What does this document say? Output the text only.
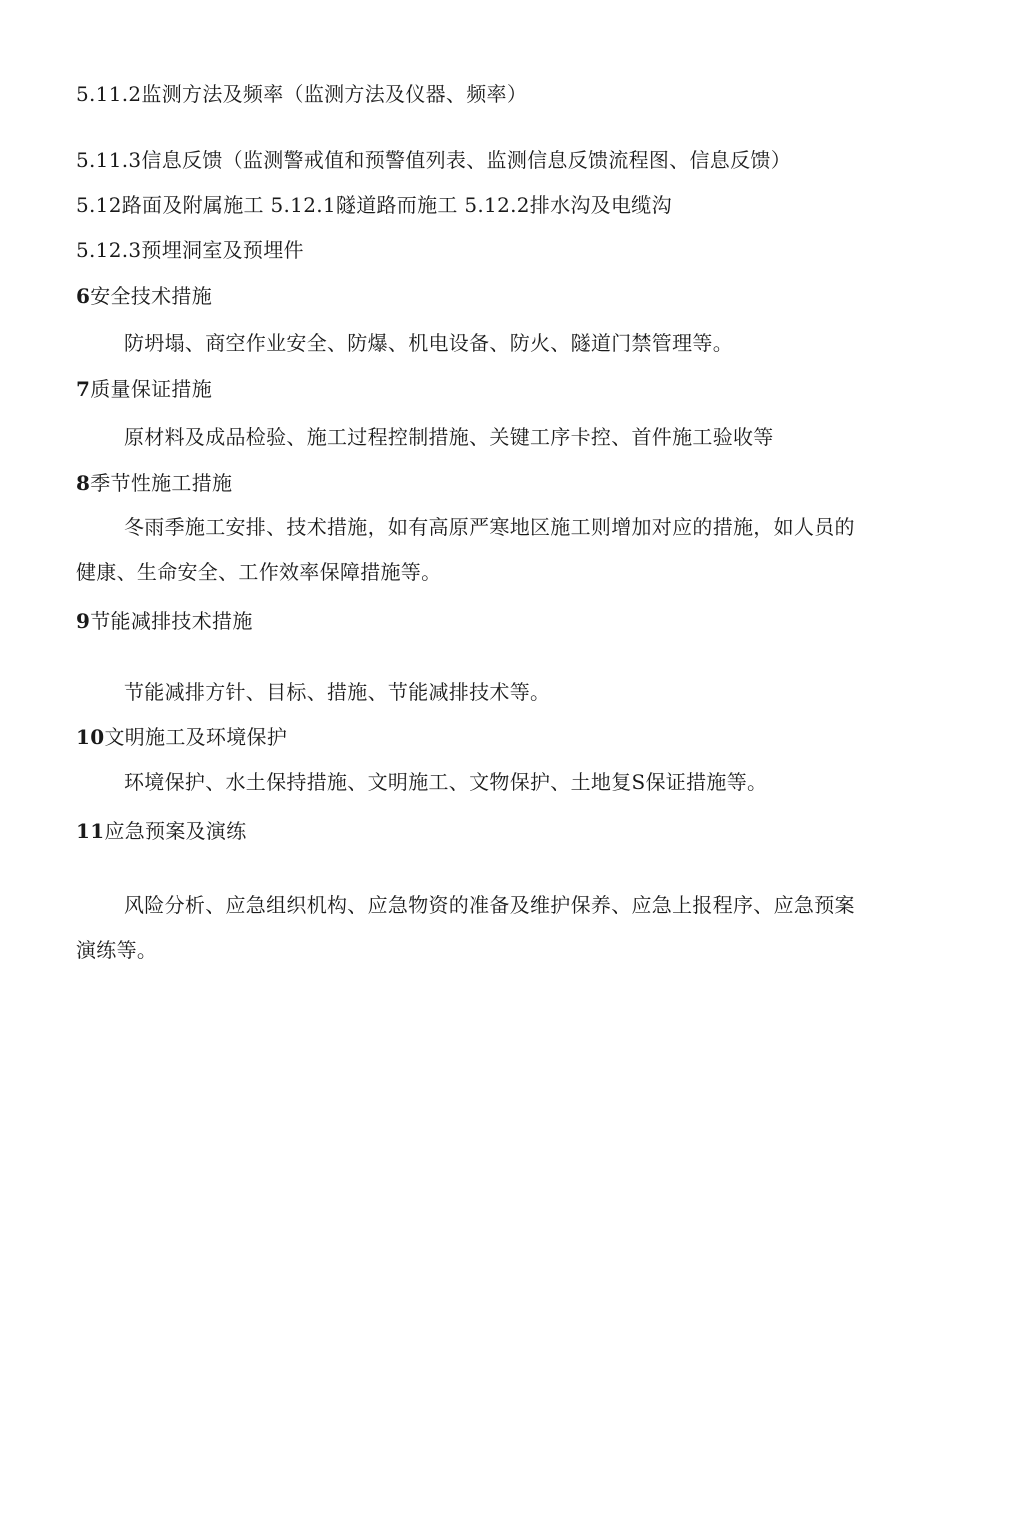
5.11.2监测方法及频率（监测方法及仪器、频率）
5.11.3信息反馈（监测警戒值和预警值列表、监测信息反馈流程图、信息反馈）
5.12路面及附属施工 5.12.1隧道路而施工 5.12.2排水沟及电缆沟
5.12.3预埋洞室及预埋件
6安全技术措施
防坍塌、商空作业安全、防爆、机电设备、防火、隧道门禁管理等。
7质量保证措施
原材料及成品检验、施工过程控制措施、关键工序卡控、首件施工验收等
8季节性施工措施
冬雨季施工安排、技术措施，如有高原严寒地区施工则增加对应的措施，如人员的
健康、生命安全、工作效率保障措施等。
9节能减排技术措施
节能减排方针、目标、措施、节能减排技术等。
10文明施工及环境保护
环境保护、水土保持措施、文明施工、文物保护、土地复S保证措施等。
11应急预案及演练
风险分析、应急组织机构、应急物资的准备及维护保养、应急上报程序、应急预案
演练等。
